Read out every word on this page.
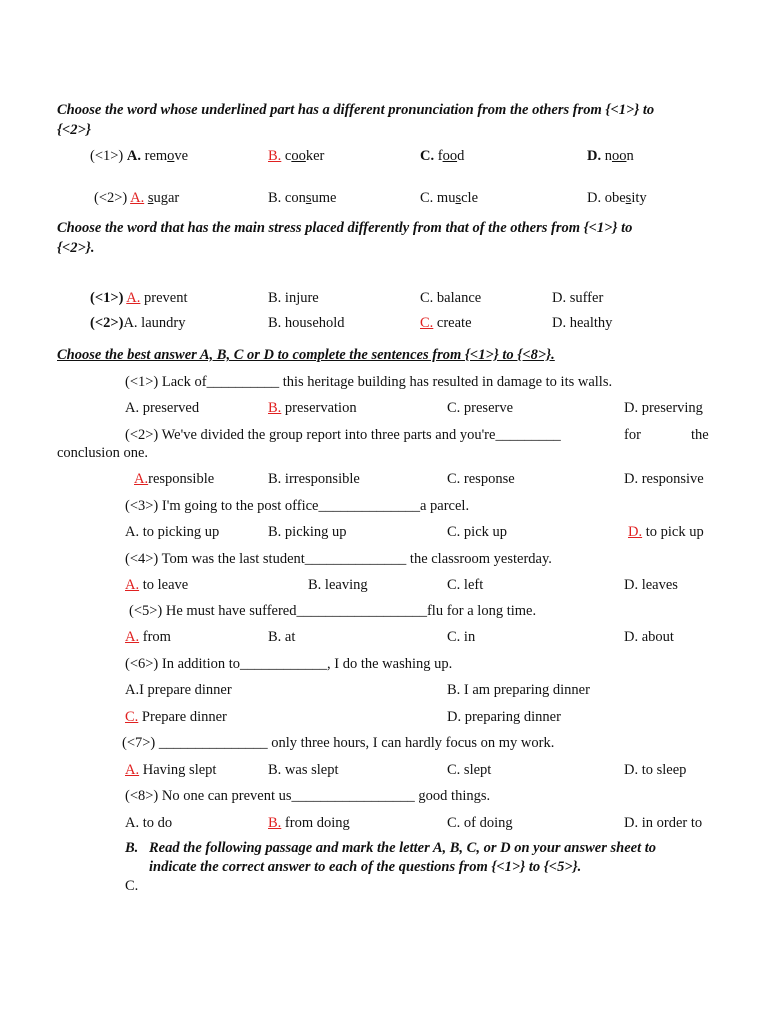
Choose the word whose underlined part has a different pronunciation from the others from {<1>} to
{<2>}
(<1>) A. remove	B. cooker	C. food	D. noon
(<2>) A. sugar	B. consume	C. muscle	D. obesity
Choose the word that has the main stress placed differently from that of the others from {<1>} to
{<2>}.
(<1>) A. prevent	B. injure	C. balance	D. suffer
(<2>)A. laundry	B. household	C. create	D. healthy
Choose the best answer A, B, C or D to complete the sentences from {<1>} to {<8>}.
(<1>) Lack of__________ this heritage building has resulted in damage to its walls.
A. preserved	B. preservation	C. preserve	D. preserving
(<2>) We've divided the group report into three parts and you're_________	for	the
conclusion one.
A.responsible	B. irresponsible	C. response	D. responsive
(<3>) I'm going to the post office______________a parcel.
A. to picking up	B. picking up	C. pick up	D. to pick up
(<4>) Tom was the last student______________ the classroom yesterday.
A. to leave	B. leaving	C. left	D. leaves
(<5>) He must have suffered__________________flu for a long time.
A. from	B. at	C. in	D. about
(<6>) In addition to____________, I do the washing up.
A.I prepare dinner	B. I am preparing dinner
C. Prepare dinner	D. preparing dinner
(<7>) _______________ only three hours, I can hardly focus on my work.
A. Having slept	B. was slept	C. slept	D. to sleep
(<8>) No one can prevent us_________________ good things.
A. to do	B. from doing	C. of doing	D. in order to
B. Read the following passage and mark the letter A, B, C, or D on your answer sheet to
indicate the correct answer to each of the questions from {<1>} to {<5>}.
C.
